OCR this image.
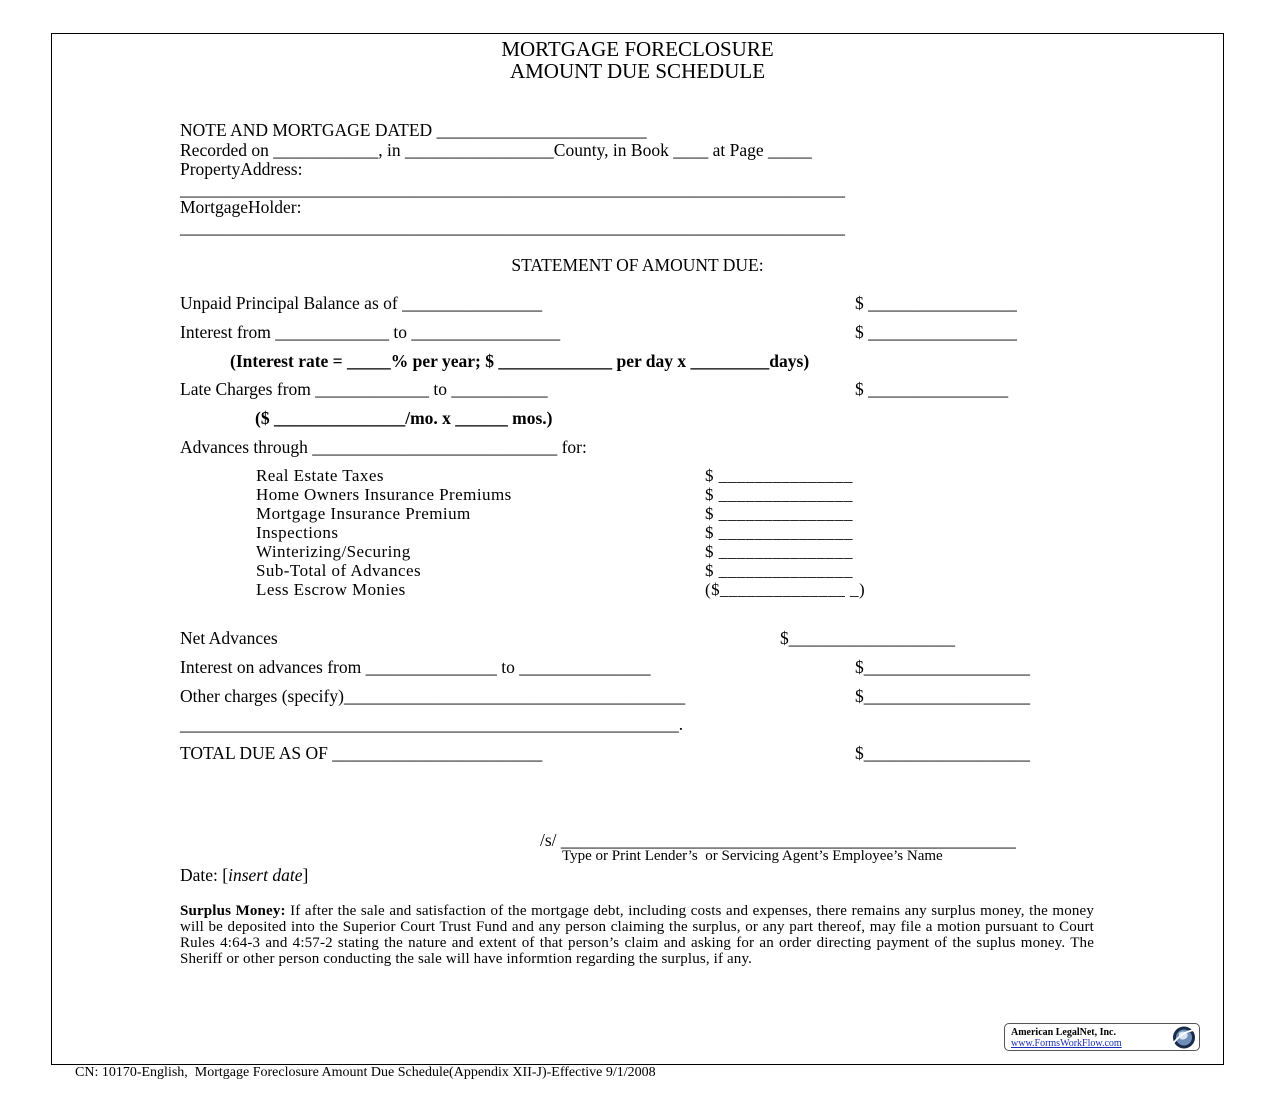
MORTGAGE FORECLOSURE
AMOUNT DUE SCHEDULE
NOTE AND MORTGAGE DATED ________________________
Recorded on ____________, in _________________County, in Book ____ at Page _____
PropertyAddress:
____________________________________________________________________________
MortgageHolder:
____________________________________________________________________________
STATEMENT OF AMOUNT DUE:
Unpaid Principal Balance as of ________________	$ _________________
Interest from _____________ to _________________	$ _________________
(Interest rate = _____% per year; $ _____________ per day x _________days)
Late Charges from _____________ to ___________	$ ________________
($ _______________/mo. x ______ mos.)
Advances through ____________________________ for:
Real Estate Taxes	$ _______________
Home Owners Insurance Premiums	$ _______________
Mortgage Insurance Premium	$ _______________
Inspections	$ _______________
Winterizing/Securing	$ _______________
Sub-Total of Advances	$ _______________
Less Escrow Monies	($______________ _)
Net Advances	$___________________
Interest on advances from _______________ to _______________	$___________________
Other charges (specify)_______________________________________	$___________________
_________________________________________________________.
TOTAL DUE AS OF ________________________	$___________________
/s/ ____________________________________________________
Type or Print Lender’s  or Servicing Agent’s Employee’s Name
Date: [insert date]
Surplus Money: If after the sale and satisfaction of the mortgage debt, including costs and expenses, there remains any surplus money, the money will be deposited into the Superior Court Trust Fund and any person claiming the surplus, or any part thereof, may file a motion pursuant to Court Rules 4:64-3 and 4:57-2 stating the nature and extent of that person’s claim and asking for an order directing payment of the suplus money. The Sheriff or other person conducting the sale will have informtion regarding the surplus, if any.
American LegalNet, Inc.
www.FormsWorkFlow.com
CN: 10170-English,  Mortgage Foreclosure Amount Due Schedule(Appendix XII-J)-Effective 9/1/2008
